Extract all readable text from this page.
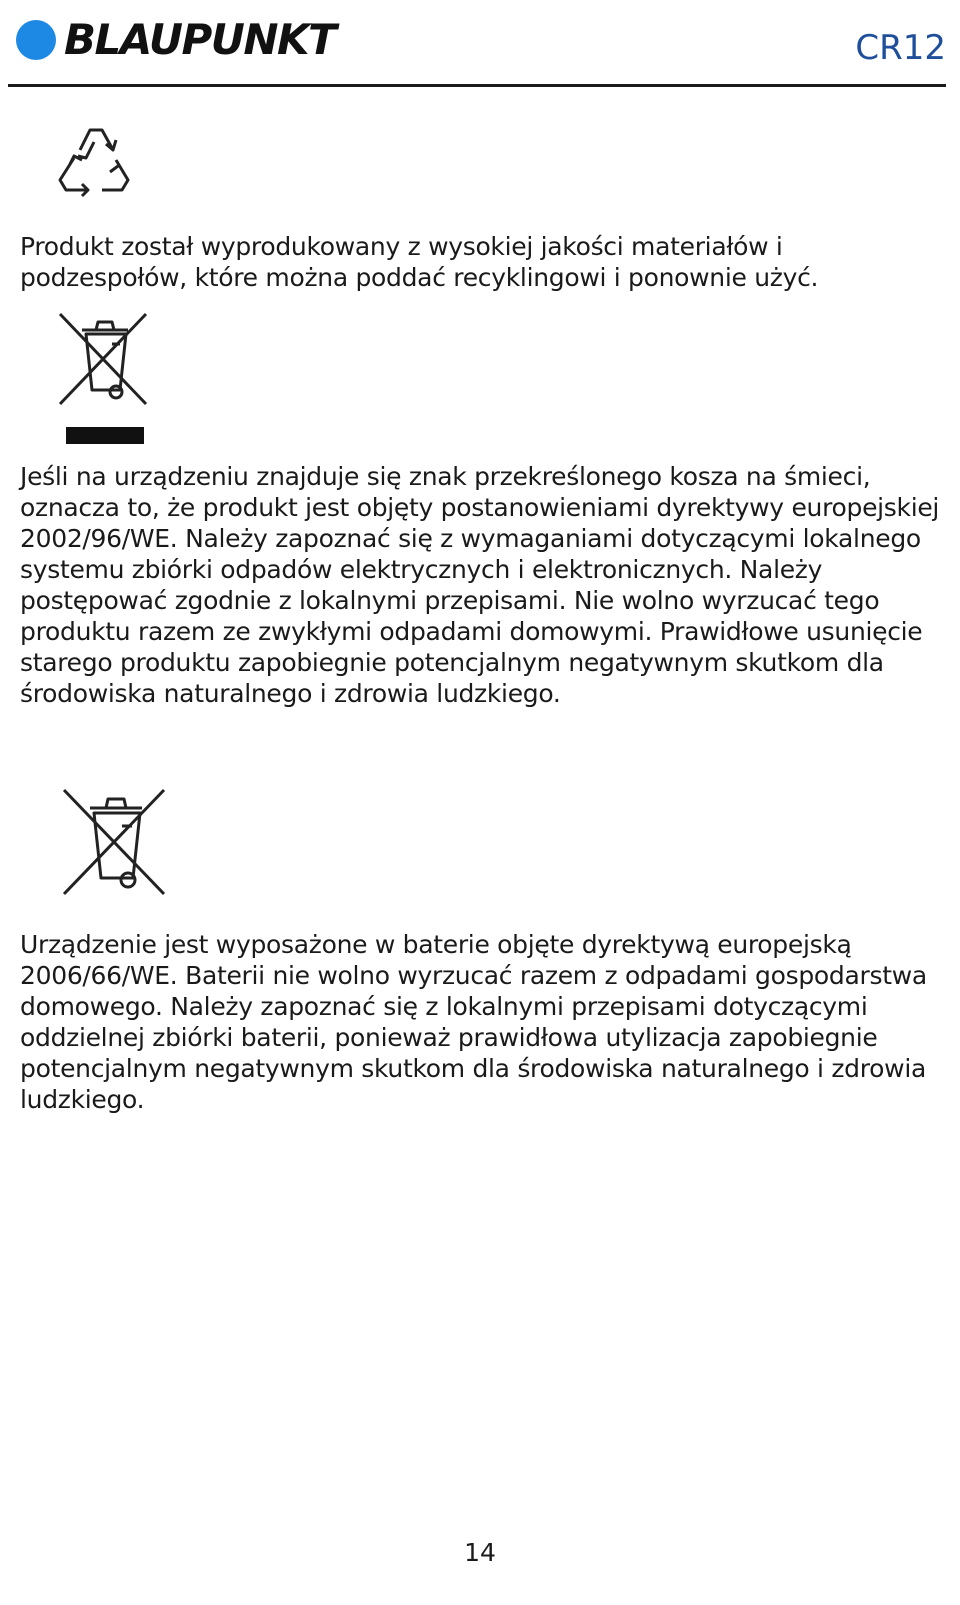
BLAUPUNKT	CR12

Produkt został wyprodukowany z wysokiej jakości materiałów i podzespołów, które można poddać recyklingowi i ponownie użyć.

Jeśli na urządzeniu znajduje się znak przekreślonego kosza na śmieci, oznacza to, że produkt jest objęty postanowieniami dyrektywy europejskiej 2002/96/WE. Należy zapoznać się z wymaganiami dotyczącymi lokalnego systemu zbiórki odpadów elektrycznych i elektronicznych. Należy postępować zgodnie z lokalnymi przepisami. Nie wolno wyrzucać tego produktu razem ze zwykłymi odpadami domowymi. Prawidłowe usunięcie starego produktu zapobiegnie potencjalnym negatywnym skutkom dla środowiska naturalnego i zdrowia ludzkiego.

Urządzenie jest wyposażone w baterie objęte dyrektywą europejską 2006/66/WE. Baterii nie wolno wyrzucać razem z odpadami gospodarstwa domowego. Należy zapoznać się z lokalnymi przepisami dotyczącymi oddzielnej zbiórki baterii, ponieważ prawidłowa utylizacja zapobiegnie potencjalnym negatywnym skutkom dla środowiska naturalnego i zdrowia ludzkiego.

14
